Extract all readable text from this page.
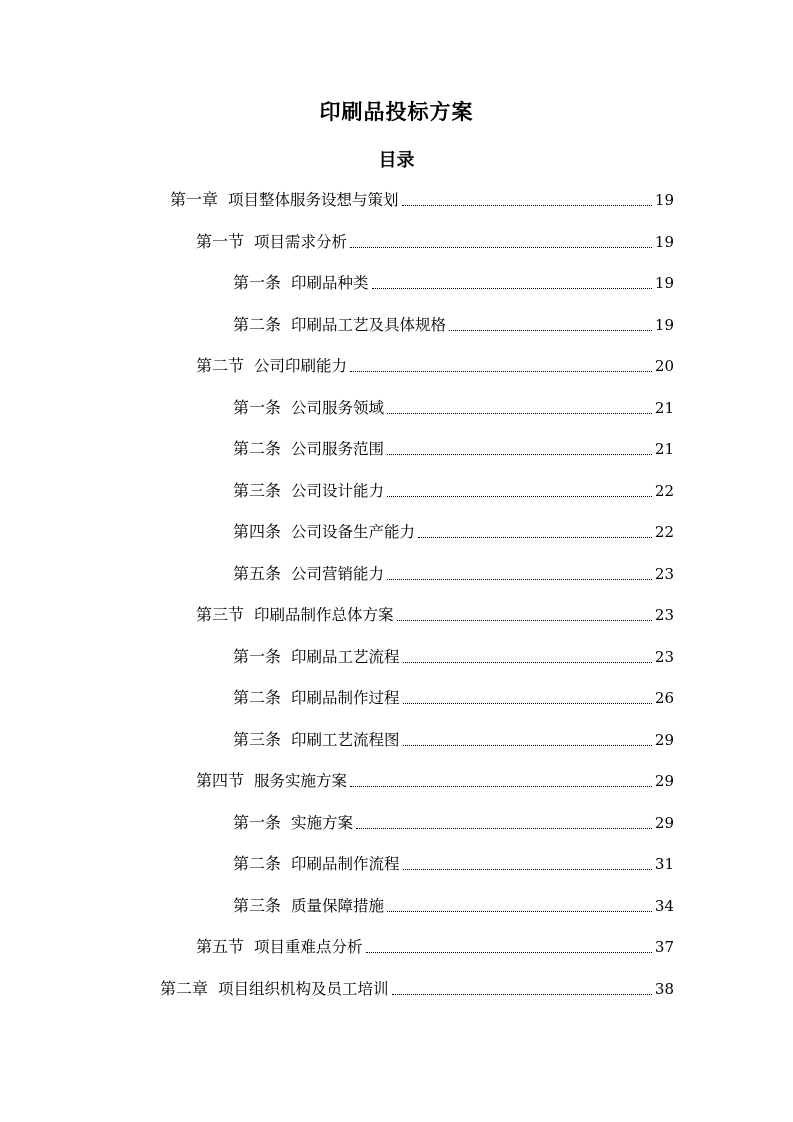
印刷品投标方案
目录
第一章 项目整体服务设想与策划	19
第一节 项目需求分析	19
第一条 印刷品种类	19
第二条 印刷品工艺及具体规格	19
第二节 公司印刷能力	20
第一条 公司服务领域	21
第二条 公司服务范围	21
第三条 公司设计能力	22
第四条 公司设备生产能力	22
第五条 公司营销能力	23
第三节 印刷品制作总体方案	23
第一条 印刷品工艺流程	23
第二条 印刷品制作过程	26
第三条 印刷工艺流程图	29
第四节 服务实施方案	29
第一条 实施方案	29
第二条 印刷品制作流程	31
第三条 质量保障措施	34
第五节 项目重难点分析	37
第二章 项目组织机构及员工培训	38
